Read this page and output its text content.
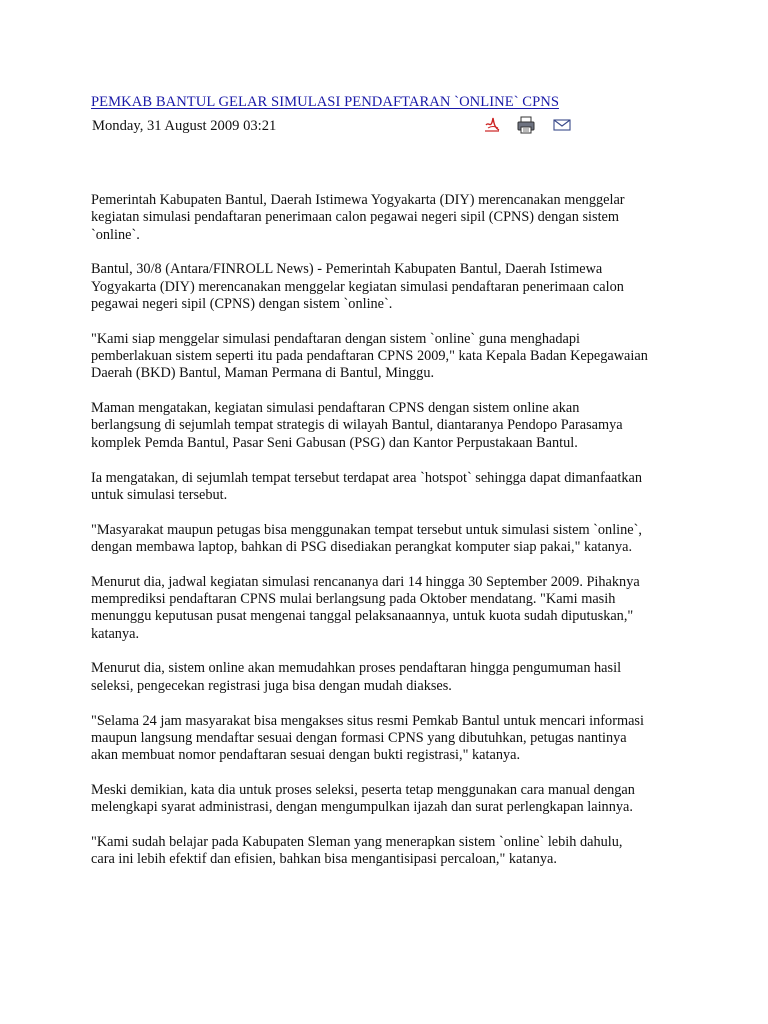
PEMKAB BANTUL GELAR SIMULASI PENDAFTARAN `ONLINE` CPNS
Monday, 31 August 2009 03:21

Pemerintah Kabupaten Bantul, Daerah Istimewa Yogyakarta (DIY) merencanakan menggelar
kegiatan simulasi pendaftaran penerimaan calon pegawai negeri sipil (CPNS) dengan sistem
`online`.

Bantul, 30/8 (Antara/FINROLL News) - Pemerintah Kabupaten Bantul, Daerah Istimewa
Yogyakarta (DIY) merencanakan menggelar kegiatan simulasi pendaftaran penerimaan calon
pegawai negeri sipil (CPNS) dengan sistem `online`.

"Kami siap menggelar simulasi pendaftaran dengan sistem `online` guna menghadapi
pemberlakuan sistem seperti itu pada pendaftaran CPNS 2009," kata Kepala Badan Kepegawaian
Daerah (BKD) Bantul, Maman Permana di Bantul, Minggu.

Maman mengatakan, kegiatan simulasi pendaftaran CPNS dengan sistem online akan
berlangsung di sejumlah tempat strategis di wilayah Bantul, diantaranya Pendopo Parasamya
komplek Pemda Bantul, Pasar Seni Gabusan (PSG) dan Kantor Perpustakaan Bantul.

Ia mengatakan, di sejumlah tempat tersebut terdapat area `hotspot` sehingga dapat dimanfaatkan
untuk simulasi tersebut.

"Masyarakat maupun petugas bisa menggunakan tempat tersebut untuk simulasi sistem `online`,
dengan membawa laptop, bahkan di PSG disediakan perangkat komputer siap pakai," katanya.

Menurut dia, jadwal kegiatan simulasi rencananya dari 14 hingga 30 September 2009. Pihaknya
memprediksi pendaftaran CPNS mulai berlangsung pada Oktober mendatang. "Kami masih
menunggu keputusan pusat mengenai tanggal pelaksanaannya, untuk kuota sudah diputuskan,"
katanya.

Menurut dia, sistem online akan memudahkan proses pendaftaran hingga pengumuman hasil
seleksi, pengecekan registrasi juga bisa dengan mudah diakses.

"Selama 24 jam masyarakat bisa mengakses situs resmi Pemkab Bantul untuk mencari informasi
maupun langsung mendaftar sesuai dengan formasi CPNS yang dibutuhkan, petugas nantinya
akan membuat nomor pendaftaran sesuai dengan bukti registrasi," katanya.

Meski demikian, kata dia untuk proses seleksi, peserta tetap menggunakan cara manual dengan
melengkapi syarat administrasi, dengan mengumpulkan ijazah dan surat perlengkapan lainnya.

"Kami sudah belajar pada Kabupaten Sleman yang menerapkan sistem `online` lebih dahulu,
cara ini lebih efektif dan efisien, bahkan bisa mengantisipasi percaloan," katanya.
